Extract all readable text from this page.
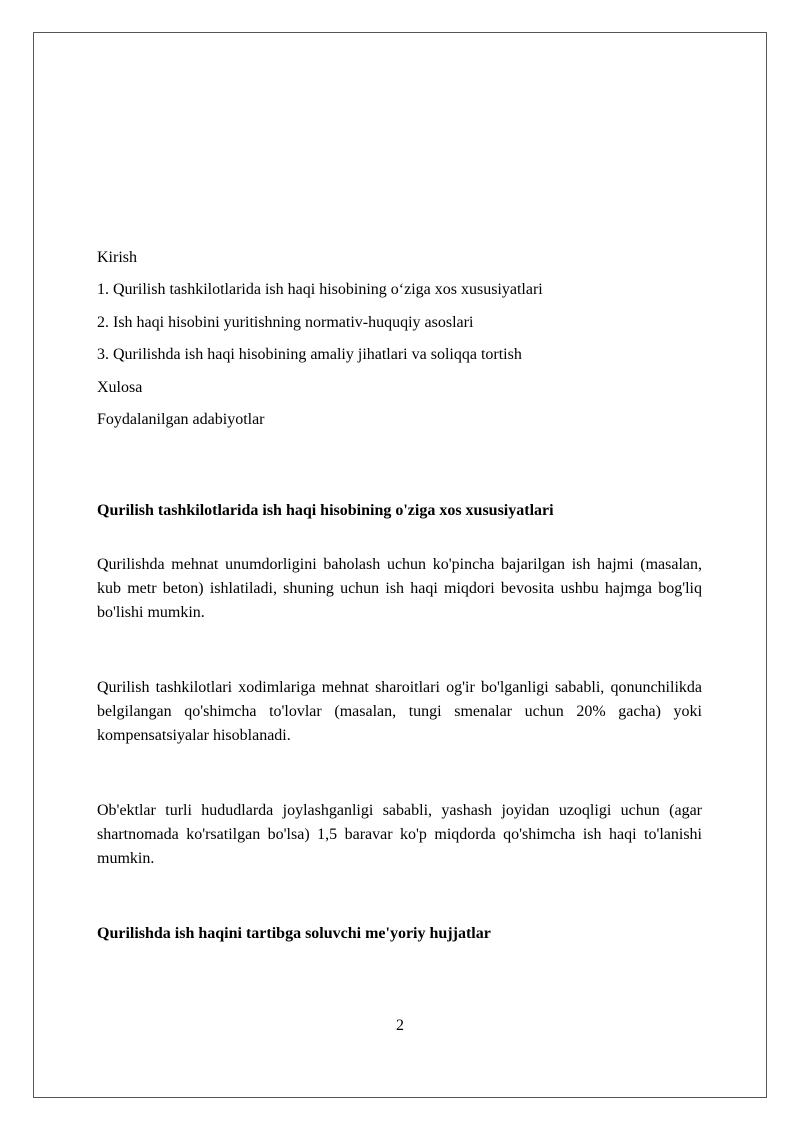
Kirish
1. Qurilish tashkilotlarida ish haqi hisobining o‘ziga xos xususiyatlari
2. Ish haqi hisobini yuritishning normativ-huquqiy asoslari
3. Qurilishda ish haqi hisobining amaliy jihatlari va soliqqa tortish
Xulosa
Foydalanilgan adabiyotlar
Qurilish tashkilotlarida ish haqi hisobining o'ziga xos xususiyatlari
Qurilishda mehnat unumdorligini baholash uchun ko'pincha bajarilgan ish hajmi (masalan, kub metr beton) ishlatiladi, shuning uchun ish haqi miqdori bevosita ushbu hajmga bog'liq bo'lishi mumkin.
Qurilish tashkilotlari xodimlariga mehnat sharoitlari og'ir bo'lganligi sababli, qonunchilikda belgilangan qo'shimcha to'lovlar (masalan, tungi smenalar uchun 20% gacha) yoki kompensatsiyalar hisoblanadi.
Ob'ektlar turli hududlarda joylashganligi sababli, yashash joyidan uzoqligi uchun (agar shartnomada ko'rsatilgan bo'lsa) 1,5 baravar ko'p miqdorda qo'shimcha ish haqi to'lanishi mumkin.
Qurilishda ish haqini tartibga soluvchi me'yoriy hujjatlar
2
